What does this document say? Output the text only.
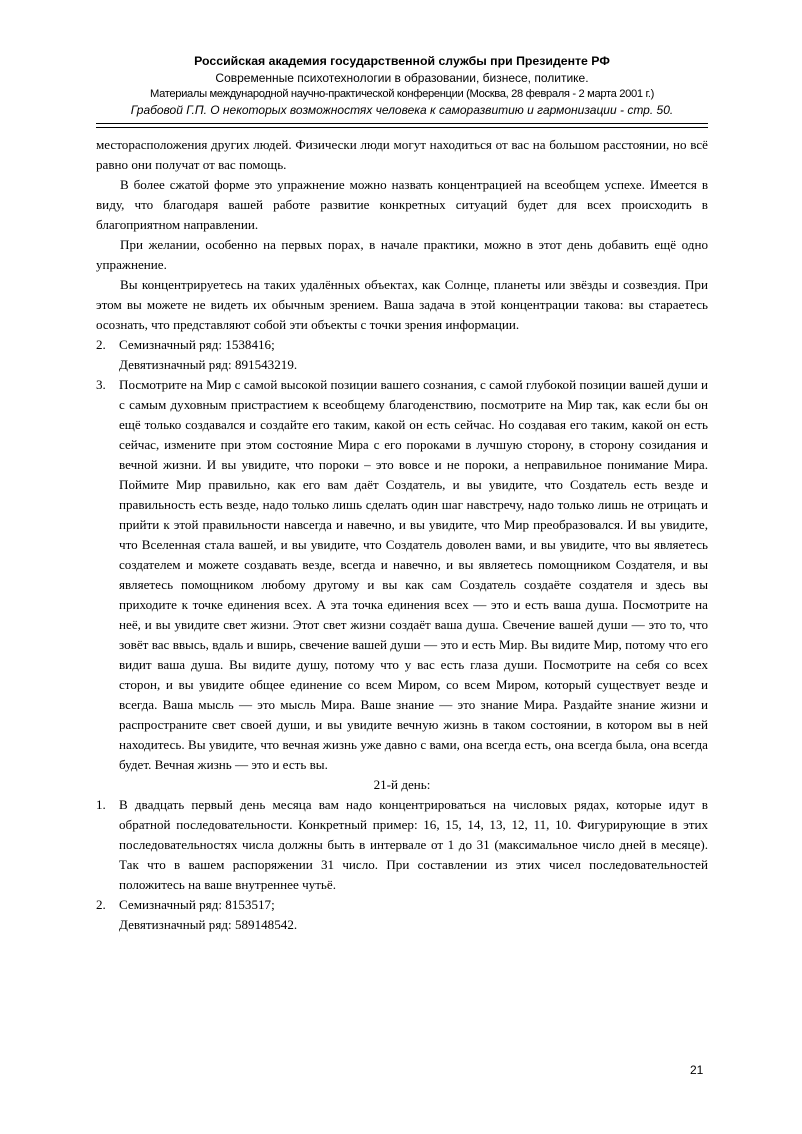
Российская академия государственной службы при Президенте РФ
Современные психотехнологии в образовании, бизнесе, политике.
Материалы международной научно-практической конференции (Москва, 28 февраля - 2 марта 2001 г.)
Грабовой Г.П. О некоторых возможностях человека к саморазвитию и гармонизации - стр. 50.

месторасположения других людей. Физически люди могут находиться от вас на большом расстоянии, но всё равно они получат от вас помощь.

В более сжатой форме это упражнение можно назвать концентрацией на всеобщем успехе. Имеется в виду, что благодаря вашей работе развитие конкретных ситуаций будет для всех происходить в благоприятном направлении.

При желании, особенно на первых порах, в начале практики, можно в этот день добавить ещё одно упражнение.

Вы концентрируетесь на таких удалённых объектах, как Солнце, планеты или звёзды и созвездия. При этом вы можете не видеть их обычным зрением. Ваша задача в этой концентрации такова: вы стараетесь осознать, что представляют собой эти объекты с точки зрения информации.

2. Семизначный ряд: 1538416;
Девятизначный ряд: 891543219.
3. Посмотрите на Мир с самой высокой позиции вашего сознания, с самой глубокой позиции вашей души и с самым духовным пристрастием к всеобщему благоденствию, посмотрите на Мир так, как если бы он ещё только создавался и создайте его таким, какой он есть сейчас. Но создавая его таким, какой он есть сейчас, измените при этом состояние Мира с его пороками в лучшую сторону, в сторону созидания и вечной жизни. И вы увидите, что пороки – это вовсе и не пороки, а неправильное понимание Мира. Поймите Мир правильно, как его вам даёт Создатель, и вы увидите, что Создатель есть везде и правильность есть везде, надо только лишь сделать один шаг навстречу, надо только лишь не отрицать и прийти к этой правильности навсегда и навечно, и вы увидите, что Мир преобразовался. И вы увидите, что Вселенная стала вашей, и вы увидите, что Создатель доволен вами, и вы увидите, что вы являетесь создателем и можете создавать везде, всегда и навечно, и вы являетесь помощником Создателя, и вы являетесь помощником любому другому и вы как сам Создатель создаёте создателя и здесь вы приходите к точке единения всех. А эта точка единения всех — это и есть ваша душа. Посмотрите на неё, и вы увидите свет жизни. Этот свет жизни создаёт ваша душа. Свечение вашей души — это то, что зовёт вас ввысь, вдаль и вширь, свечение вашей души — это и есть Мир. Вы видите Мир, потому что его видит ваша душа. Вы видите душу, потому что у вас есть глаза души. Посмотрите на себя со всех сторон, и вы увидите общее единение со всем Миром, со всем Миром, который существует везде и всегда. Ваша мысль — это мысль Мира. Ваше знание — это знание Мира. Раздайте знание жизни и распространите свет своей души, и вы увидите вечную жизнь в таком состоянии, в котором вы в ней находитесь. Вы увидите, что вечная жизнь уже давно с вами, она всегда есть, она всегда была, она всегда будет. Вечная жизнь — это и есть вы.

21-й день:

1. В двадцать первый день месяца вам надо концентрироваться на числовых рядах, которые идут в обратной последовательности. Конкретный пример: 16, 15, 14, 13, 12, 11, 10. Фигурирующие в этих последовательностях числа должны быть в интервале от 1 до 31 (максимальное число дней в месяце). Так что в вашем распоряжении 31 число. При составлении из этих чисел последовательностей положитесь на ваше внутреннее чутьё.
2. Семизначный ряд: 8153517;
Девятизначный ряд: 589148542.
21
